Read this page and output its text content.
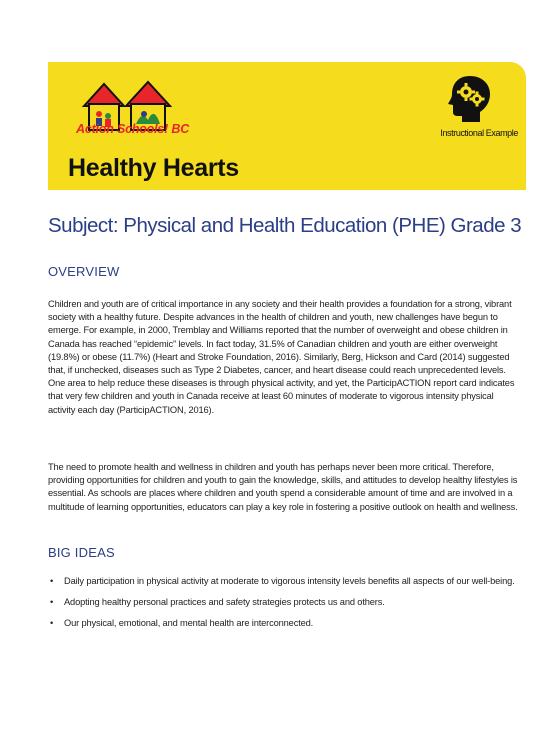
Action Schools! BC
Healthy Hearts
Instructional Example
Subject: Physical and Health Education (PHE) Grade 3
OVERVIEW
Children and youth are of critical importance in any society and their health provides a foundation for a strong, vibrant society with a healthy future. Despite advances in the health of children and youth, new challenges have begun to emerge. For example, in 2000, Tremblay and Williams reported that the number of overweight and obese children in Canada has reached “epidemic” levels. In fact today, 31.5% of Canadian children and youth are either overweight (19.8%) or obese (11.7%) (Heart and Stroke Foundation, 2016). Similarly, Berg, Hickson and Card (2014) suggested that, if unchecked, diseases such as Type 2 Diabetes, cancer, and heart disease could reach unprecedented levels. One area to help reduce these diseases is through physical activity, and yet, the ParticipACTION report card indicates that very few children and youth in Canada receive at least 60 minutes of moderate to vigorous intensity physical activity each day (ParticipACTION, 2016).
The need to promote health and wellness in children and youth has perhaps never been more critical. Therefore, providing opportunities for children and youth to gain the knowledge, skills, and attitudes to develop healthy lifestyles is essential. As schools are places where children and youth spend a considerable amount of time and are involved in a multitude of learning opportunities, educators can play a key role in fostering a positive outlook on health and wellness.
BIG IDEAS
• Daily participation in physical activity at moderate to vigorous intensity levels benefits all aspects of our well-being.
• Adopting healthy personal practices and safety strategies protects us and others.
• Our physical, emotional, and mental health are interconnected.
